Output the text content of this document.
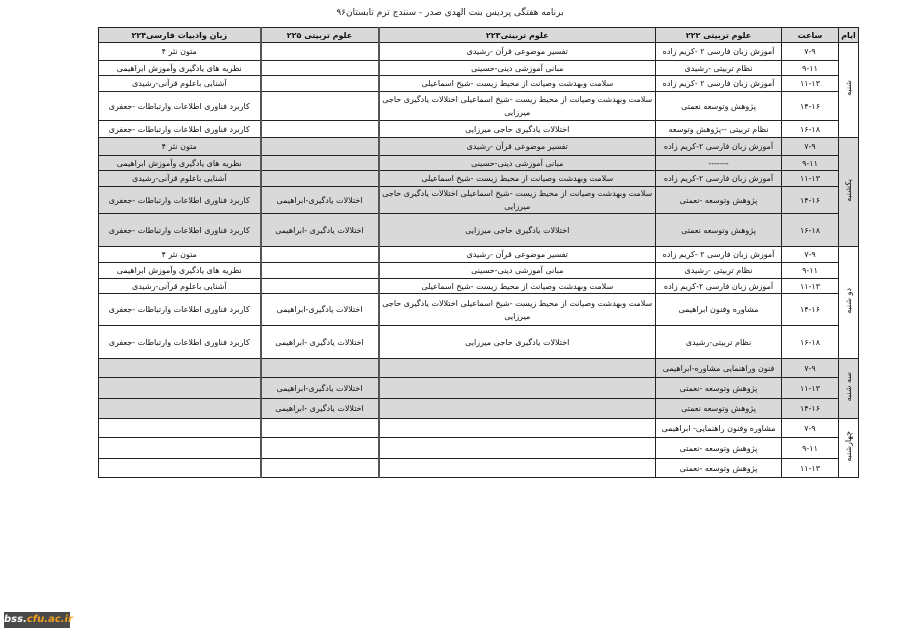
برنامه هفتگی پردیس بنت الهدی صدر - سنندج ترم تابستان۹۶
ایام	ساعت	علوم تربیتی ۲۲۲	علوم تربیتی۲۲۳	علوم تربیتی ۲۲۵	زبان وادبیات فارسی۲۲۴
شنبه	۷-۹	آموزش زبان فارسی ۲ -کریم زاده	تفسیر موضوعی قرآن -رشیدی		متون نثر ۴
	۹-۱۱	نظام تربیتی -رشیدی	مبانی آموزشی دینی-حسینی		نظریه های یادگیری وآموزش ابراهیمی
	۱۱-۱۳	آموزش زبان فارسی ۲ -کریم زاده	سلامت وبهدشت وصیانت از محیط زیست -شیخ اسماعیلی		آشنایی باعلوم قرآنی-رشیدی
	۱۴-۱۶	پژوهش وتوسعه نعمتی	سلامت وبهدشت وصیانت از محیط زیست -شیخ اسماعیلی اختلالات یادگیری حاجی میرزایی		کاربرد فناوری اطلاعات وارتباطات -جعفری
	۱۶-۱۸	نظام تربیتی --پژوهش وتوسعه	اختلالات یادگیری حاجی میرزایی		کاربرد فناوری اطلاعات وارتباطات -جعفری
یکشنبه	۷-۹	آموزش زبان فارسی ۲-کریم زاده	تفسیر موضوعی قرآن -رشیدی		متون نثر ۴
	۹-۱۱	-------	مبانی آموزشی دینی-حسینی		نظریه های یادگیری وآموزش ابراهیمی
	۱۱-۱۳	آموزش زبان فارسی ۲-کریم زاده	سلامت وبهدشت وصیانت از محیط زیست -شیخ اسماعیلی		آشنایی باعلوم قرآنی-رشیدی
	۱۴-۱۶	پژوهش وتوسعه -نعمتی	سلامت وبهدشت وصیانت از محیط زیست -شیخ اسماعیلی اختلالات یادگیری حاجی میرزایی	اختلالات یادگیری-ابراهیمی	کاربرد فناوری اطلاعات وارتباطات -جعفری
	۱۶-۱۸	پژوهش وتوسعه نعمتی	اختلالات یادگیری حاجی میرزایی	اختلالات یادگیری -ابراهیمی	کاربرد فناوری اطلاعات وارتباطات -جعفری
دو شنبه	۷-۹	آموزش زبان فارسی ۲ -کریم زاده	تفسیر موضوعی قرآن -رشیدی		متون نثر ۴
	۹-۱۱	نظام تربیتی -رشیدی	مبانی آموزشی دینی-حسینی		نظریه های یادگیری وآموزش ابراهیمی
	۱۱-۱۳	آموزش زبان فارسی ۲-کریم زاده	سلامت وبهدشت وصیانت از محیط زیست -شیخ اسماعیلی		آشنایی باعلوم قرآنی-رشیدی
	۱۴-۱۶	مشاوره وفنون ابراهیمی	سلامت وبهدشت وصیانت از محیط زیست -شیخ اسماعیلی اختلالات یادگیری حاجی میرزایی	اختلالات یادگیری-ابراهیمی	کاربرد فناوری اطلاعات وارتباطات -جعفری
	۱۶-۱۸	نظام تربیتی-رشیدی	اختلالات یادگیری حاجی میرزایی	اختلالات یادگیری -ابراهیمی	کاربرد فناوری اطلاعات وارتباطات -جعفری
سه شنبه	۷-۹	فنون وراهنمایی مشاوره-ابراهیمی			
	۱۱-۱۳	پژوهش وتوسعه -نعمتی		اختلالات یادگیری-ابراهیمی	
	۱۴-۱۶	پژوهش وتوسعه نعمتی		اختلالات یادگیری -ابراهیمی	
چهارشنبه	۷-۹	مشاوره وفنون راهنمایی- ابراهیمی			
	۹-۱۱	پژوهش وتوسعه -نعمتی			
	۱۱-۱۳	پژوهش وتوسعه -نعمتی			
bss.cfu.ac.ir
